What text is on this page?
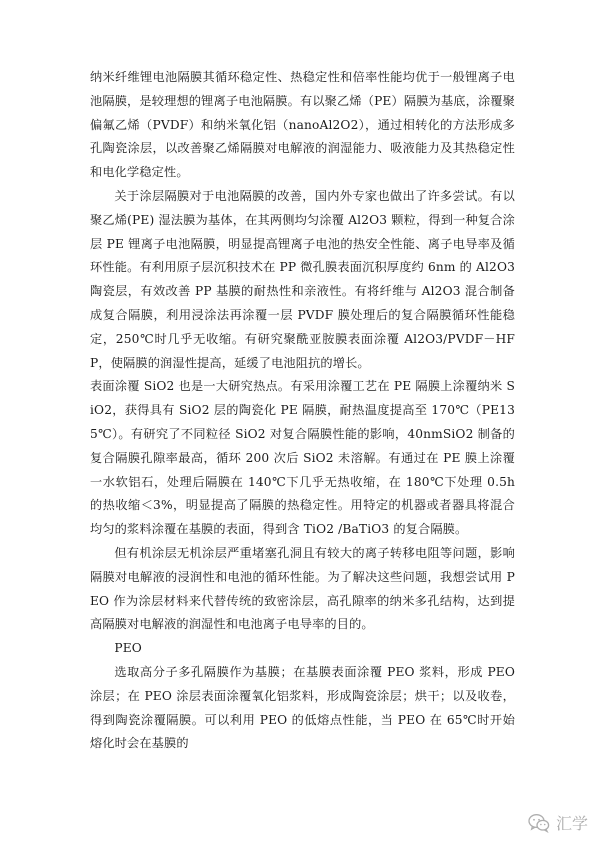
纳米纤维锂电池隔膜其循环稳定性、热稳定性和倍率性能均优于一般锂离子电池隔膜，是较理想的锂离子电池隔膜。有以聚乙烯（PE）隔膜为基底，涂覆聚偏氟乙烯（PVDF）和纳米氧化铝（nanoAl2O2），通过相转化的方法形成多孔陶瓷涂层，以改善聚乙烯隔膜对电解液的润湿能力、吸液能力及其热稳定性和电化学稳定性。

关于涂层隔膜对于电池隔膜的改善，国内外专家也做出了许多尝试。有以聚乙烯(PE) 湿法膜为基体，在其两侧均匀涂覆 Al2O3 颗粒，得到一种复合涂层 PE 锂离子电池隔膜，明显提高锂离子电池的热安全性能、离子电导率及循环性能。有利用原子层沉积技术在 PP 微孔膜表面沉积厚度约 6nm 的 Al2O3 陶瓷层，有效改善 PP 基膜的耐热性和亲液性。有将纤维与 Al2O3 混合制备成复合隔膜，利用浸涂法再涂覆一层 PVDF 膜处理后的复合隔膜循环性能稳定，250℃时几乎无收缩。有研究聚酰亚胺膜表面涂覆 Al2O3/PVDF－HFP，使隔膜的润湿性提高，延缓了电池阻抗的增长。

表面涂覆 SiO2 也是一大研究热点。有采用涂覆工艺在 PE 隔膜上涂覆纳米 SiO2，获得具有 SiO2 层的陶瓷化 PE 隔膜，耐热温度提高至 170℃（PE135℃）。有研究了不同粒径 SiO2 对复合隔膜性能的影响，40nmSiO2 制备的复合隔膜孔隙率最高，循环 200 次后 SiO2 未溶解。有通过在 PE 膜上涂覆一水软铝石，处理后隔膜在 140℃下几乎无热收缩，在 180℃下处理 0.5h 的热收缩＜3%，明显提高了隔膜的热稳定性。用特定的机器或者器具将混合均匀的浆料涂覆在基膜的表面，得到含 TiO2 /BaTiO3 的复合隔膜。

但有机涂层无机涂层严重堵塞孔洞且有较大的离子转移电阻等问题，影响隔膜对电解液的浸润性和电池的循环性能。为了解决这些问题，我想尝试用 PEO 作为涂层材料来代替传统的致密涂层，高孔隙率的纳米多孔结构，达到提高隔膜对电解液的润湿性和电池离子电导率的目的。

PEO

选取高分子多孔隔膜作为基膜；在基膜表面涂覆 PEO 浆料，形成 PEO 涂层；在 PEO 涂层表面涂覆氧化铝浆料，形成陶瓷涂层；烘干；以及收卷，得到陶瓷涂覆隔膜。可以利用 PEO 的低熔点性能，当 PEO 在 65℃时开始熔化时会在基膜的

汇学
